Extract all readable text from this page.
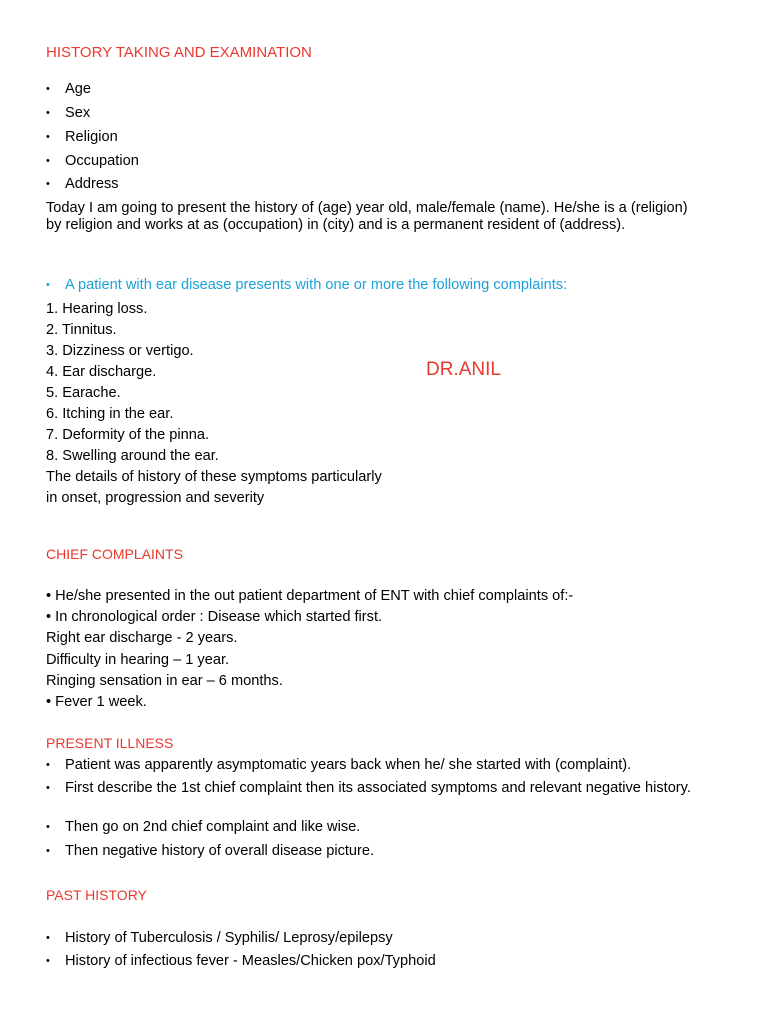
HISTORY TAKING AND EXAMINATION
• Age
• Sex
• Religion
• Occupation
• Address
Today I am going to present the history of (age) year old, male/female (name). He/she is a (religion) by religion and works at as (occupation) in (city) and is a permanent resident of (address).
• A patient with ear disease presents with one or more the following complaints:
1. Hearing loss.
2. Tinnitus.
3. Dizziness or vertigo.
4. Ear discharge.
5. Earache.
6. Itching in the ear.
7. Deformity of the pinna.
8. Swelling around the ear.
The details of history of these symptoms particularly
in onset, progression and severity
DR.ANIL
CHIEF COMPLAINTS
• He/she presented in the out patient department of ENT with chief complaints of:-
• In chronological order : Disease which started first.
Right ear discharge - 2 years.
Difficulty in hearing – 1 year.
Ringing sensation in ear – 6 months.
• Fever 1 week.
PRESENT ILLNESS
• Patient was apparently asymptomatic years back when he/ she started with (complaint).
• First describe the 1st chief complaint then its associated symptoms and relevant negative history.
• Then go on 2nd chief complaint and like wise.
• Then negative history of overall disease picture.
PAST HISTORY
• History of Tuberculosis / Syphilis/ Leprosy/epilepsy
• History of infectious fever - Measles/Chicken pox/Typhoid
